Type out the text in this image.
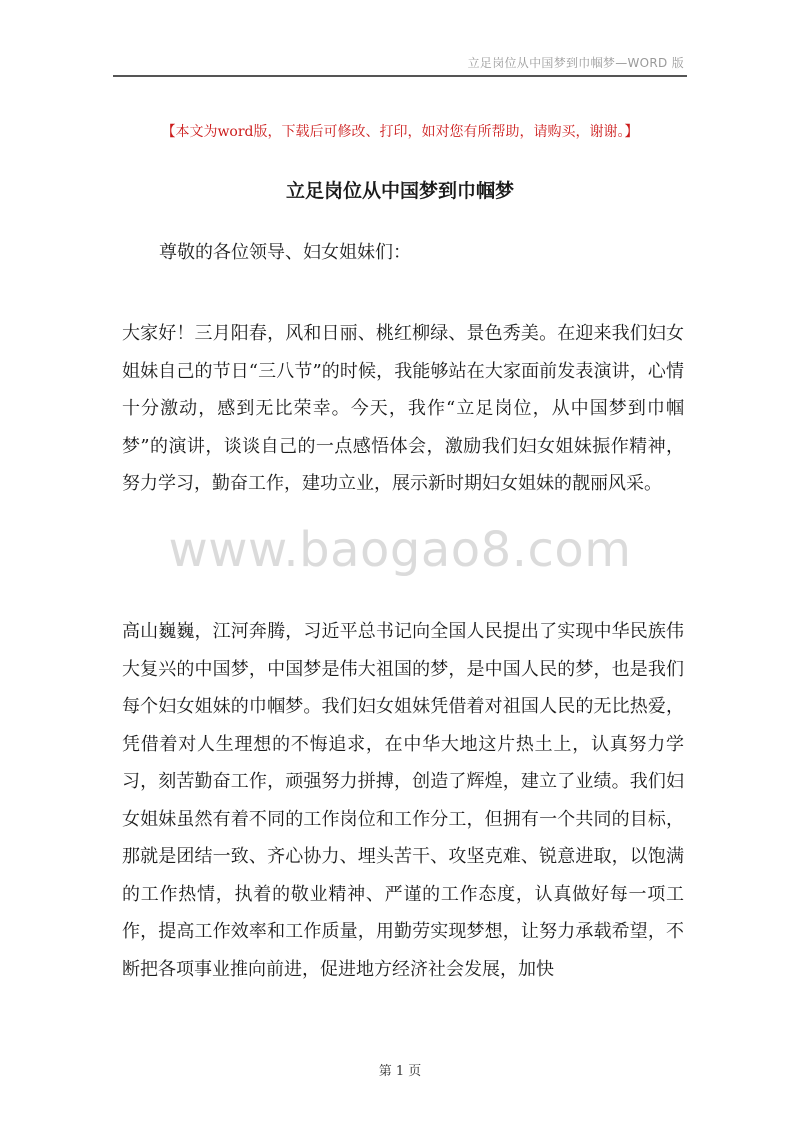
立足岗位从中国梦到巾帼梦—WORD 版
【本文为word版，下载后可修改、打印，如对您有所帮助，请购买，谢谢。】
立足岗位从中国梦到巾帼梦
尊敬的各位领导、妇女姐妹们：

大家好！三月阳春，风和日丽、桃红柳绿、景色秀美。在迎来我们妇女姐妹自己的节日“三八节”的时候，我能够站在大家面前发表演讲，心情十分激动，感到无比荣幸。今天，我作“立足岗位，从中国梦到巾帼梦”的演讲，谈谈自己的一点感悟体会，激励我们妇女姐妹振作精神，努力学习，勤奋工作，建功立业，展示新时期妇女姐妹的靓丽风采。

www.baogao8.com

高山巍巍，江河奔腾，习近平总书记向全国人民提出了实现中华民族伟大复兴的中国梦，中国梦是伟大祖国的梦，是中国人民的梦，也是我们每个妇女姐妹的巾帼梦。我们妇女姐妹凭借着对祖国人民的无比热爱，凭借着对人生理想的不悔追求，在中华大地这片热土上，认真努力学习，刻苦勤奋工作，顽强努力拼搏，创造了辉煌，建立了业绩。我们妇女姐妹虽然有着不同的工作岗位和工作分工，但拥有一个共同的目标，那就是团结一致、齐心协力、埋头苦干、攻坚克难、锐意进取，以饱满的工作热情，执着的敬业精神、严谨的工作态度，认真做好每一项工作，提高工作效率和工作质量，用勤劳实现梦想，让努力承载希望，不断把各项事业推向前进，促进地方经济社会发展，加快

第 1 页
